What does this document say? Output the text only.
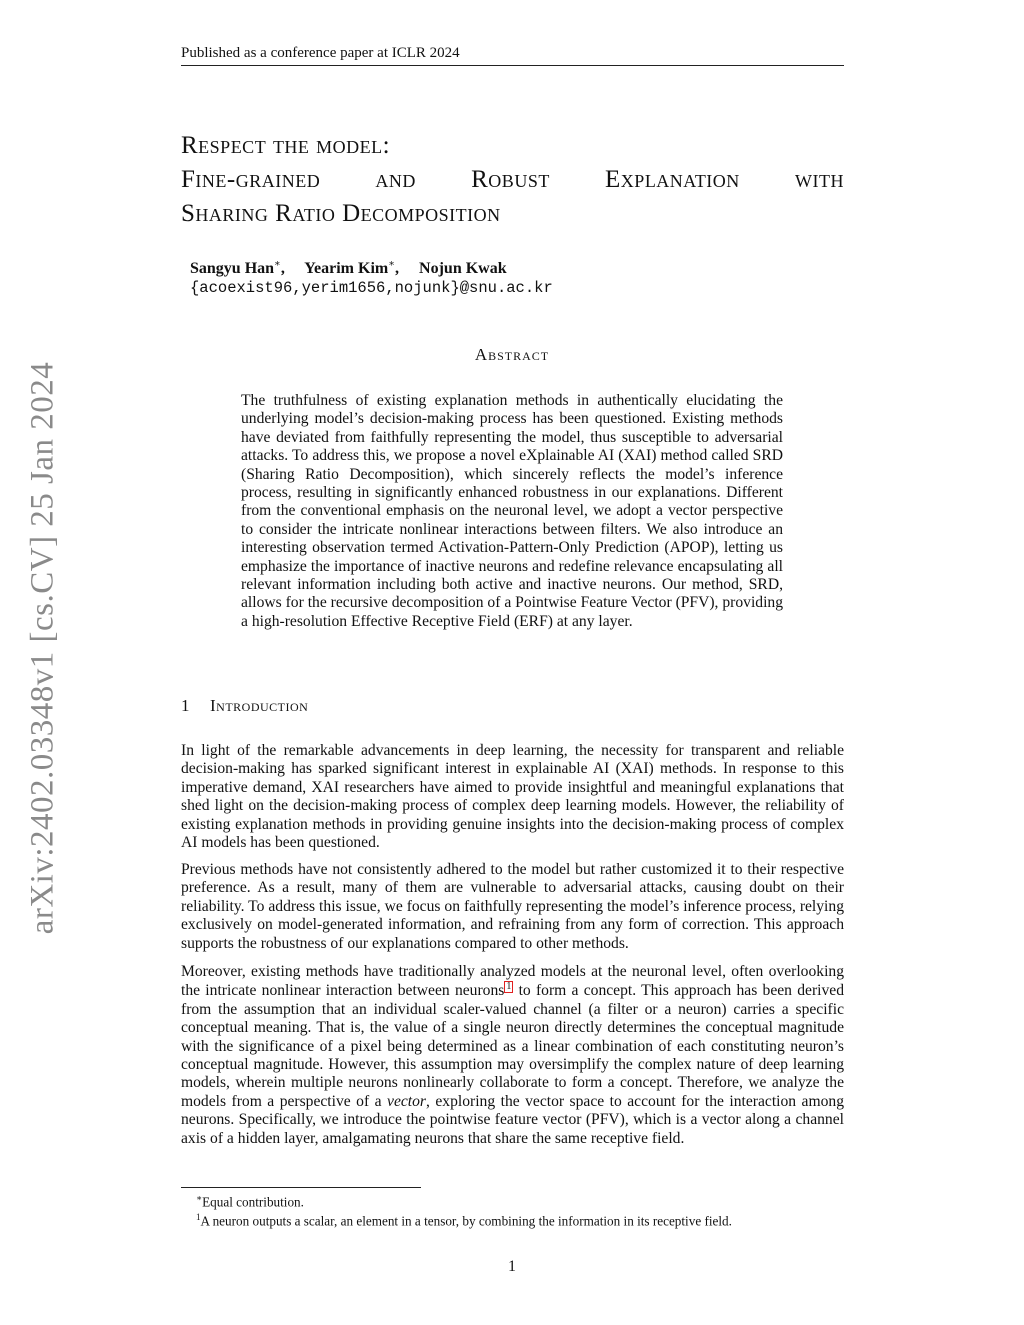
Published as a conference paper at ICLR 2024
arXiv:2402.03348v1 [cs.CV] 25 Jan 2024
Respect the model:
Fine-grained and Robust Explanation with
Sharing Ratio Decomposition
Sangyu Han∗, Yearim Kim∗, Nojun Kwak
{acoexist96,yerim1656,nojunk}@snu.ac.kr
Abstract
The truthfulness of existing explanation methods in authentically elucidating the underlying model’s decision-making process has been questioned. Existing methods have deviated from faithfully representing the model, thus susceptible to adversarial attacks. To address this, we propose a novel eXplainable AI (XAI) method called SRD (Sharing Ratio Decomposition), which sincerely reflects the model’s inference process, resulting in significantly enhanced robustness in our explanations. Different from the conventional emphasis on the neuronal level, we adopt a vector perspective to consider the intricate nonlinear interactions between filters. We also introduce an interesting observation termed Activation-Pattern-Only Prediction (APOP), letting us emphasize the importance of inactive neurons and redefine relevance encapsulating all relevant information including both active and inactive neurons. Our method, SRD, allows for the recursive decomposition of a Pointwise Feature Vector (PFV), providing a high-resolution Effective Receptive Field (ERF) at any layer.
1 Introduction
In light of the remarkable advancements in deep learning, the necessity for transparent and reliable decision-making has sparked significant interest in explainable AI (XAI) methods. In response to this imperative demand, XAI researchers have aimed to provide insightful and meaningful explanations that shed light on the decision-making process of complex deep learning models. However, the reliability of existing explanation methods in providing genuine insights into the decision-making process of complex AI models has been questioned.
Previous methods have not consistently adhered to the model but rather customized it to their respective preference. As a result, many of them are vulnerable to adversarial attacks, causing doubt on their reliability. To address this issue, we focus on faithfully representing the model’s inference process, relying exclusively on model-generated information, and refraining from any form of correction. This approach supports the robustness of our explanations compared to other methods.
Moreover, existing methods have traditionally analyzed models at the neuronal level, often overlooking the intricate nonlinear interaction between neurons 1 to form a concept. This approach has been derived from the assumption that an individual scaler-valued channel (a filter or a neuron) carries a specific conceptual meaning. That is, the value of a single neuron directly determines the conceptual magnitude with the significance of a pixel being determined as a linear combination of each constituting neuron’s conceptual magnitude. However, this assumption may oversimplify the complex nature of deep learning models, wherein multiple neurons nonlinearly collaborate to form a concept. Therefore, we analyze the models from a perspective of a vector, exploring the vector space to account for the interaction among neurons. Specifically, we introduce the pointwise feature vector (PFV), which is a vector along a channel axis of a hidden layer, amalgamating neurons that share the same receptive field.
∗Equal contribution.
$^1$A neuron outputs a scalar, an element in a tensor, by combining the information in its receptive field.
1
